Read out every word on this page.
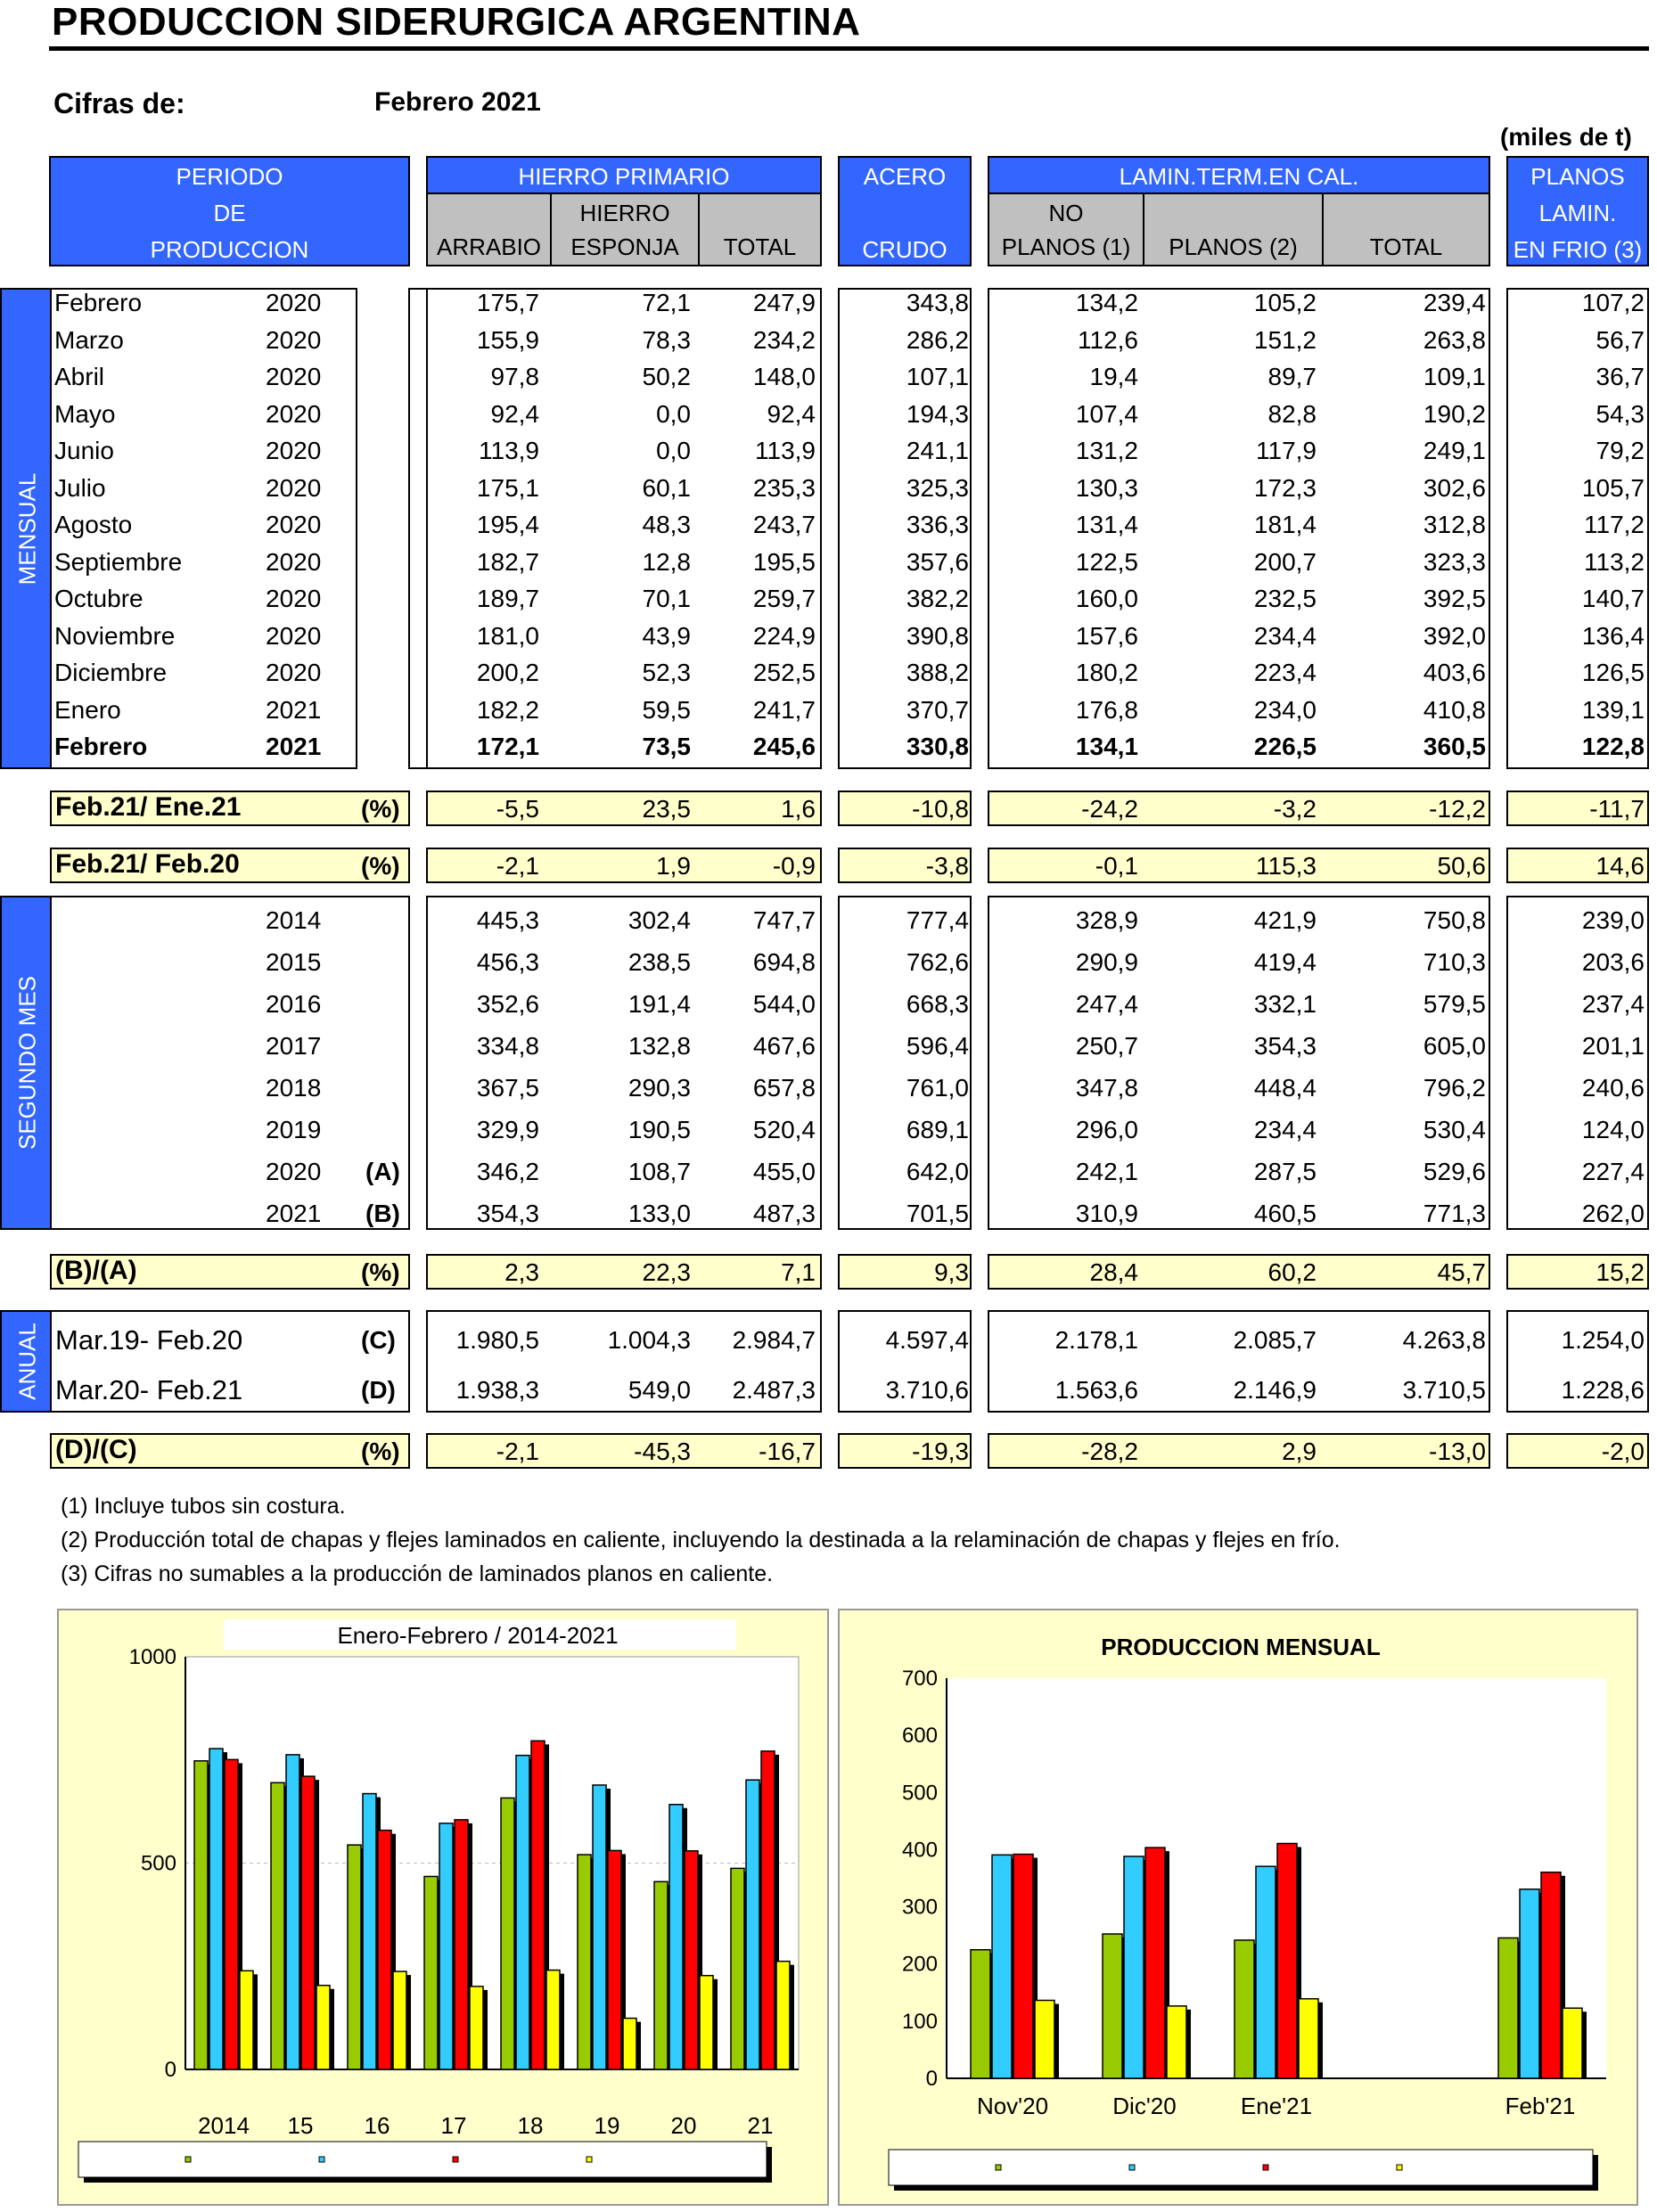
PRODUCCION SIDERURGICA ARGENTINA
Cifras de:	Febrero 2021
(miles de t)
PERIODO
DE
PRODUCCION
HIERRO PRIMARIO
ARRABIO
HIERRO
ESPONJA	TOTAL
ACERO
CRUDO
LAMIN.TERM.EN CAL.
NO
PLANOS (1)	PLANOS (2)	TOTAL
PLANOS
LAMIN.
EN FRIO (3)
MENSUAL
SEGUNDO MES
ANUAL
Febrero	2020	175,7	72,1	247,9	343,8	134,2	105,2	239,4	107,2
Marzo	2020	155,9	78,3	234,2	286,2	112,6	151,2	263,8	56,7
Abril	2020	97,8	50,2	148,0	107,1	19,4	89,7	109,1	36,7
Mayo	2020	92,4	0,0	92,4	194,3	107,4	82,8	190,2	54,3
Junio	2020	113,9	0,0	113,9	241,1	131,2	117,9	249,1	79,2
Julio	2020	175,1	60,1	235,3	325,3	130,3	172,3	302,6	105,7
Agosto	2020	195,4	48,3	243,7	336,3	131,4	181,4	312,8	117,2
Septiembre	2020	182,7	12,8	195,5	357,6	122,5	200,7	323,3	113,2
Octubre	2020	189,7	70,1	259,7	382,2	160,0	232,5	392,5	140,7
Noviembre	2020	181,0	43,9	224,9	390,8	157,6	234,4	392,0	136,4
Diciembre	2020	200,2	52,3	252,5	388,2	180,2	223,4	403,6	126,5
Enero	2021	182,2	59,5	241,7	370,7	176,8	234,0	410,8	139,1
Febrero	2021	172,1	73,5	245,6	330,8	134,1	226,5	360,5	122,8
Feb.21/ Ene.21	(%)	-5,5	23,5	1,6	-10,8	-24,2	-3,2	-12,2	-11,7
Feb.21/ Feb.20	(%)	-2,1	1,9	-0,9	-3,8	-0,1	115,3	50,6	14,6
2014	445,3	302,4	747,7	777,4	328,9	421,9	750,8	239,0
2015	456,3	238,5	694,8	762,6	290,9	419,4	710,3	203,6
2016	352,6	191,4	544,0	668,3	247,4	332,1	579,5	237,4
2017	334,8	132,8	467,6	596,4	250,7	354,3	605,0	201,1
2018	367,5	290,3	657,8	761,0	347,8	448,4	796,2	240,6
2019	329,9	190,5	520,4	689,1	296,0	234,4	530,4	124,0
2020 (A)	346,2	108,7	455,0	642,0	242,1	287,5	529,6	227,4
2021 (B)	354,3	133,0	487,3	701,5	310,9	460,5	771,3	262,0
(B)/(A)	(%)	2,3	22,3	7,1	9,3	28,4	60,2	45,7	15,2
Mar.19- Feb.20	(C)	1.980,5	1.004,3	2.984,7	4.597,4	2.178,1	2.085,7	4.263,8	1.254,0
Mar.20- Feb.21	(D)	1.938,3	549,0	2.487,3	3.710,6	1.563,6	2.146,9	3.710,5	1.228,6
(D)/(C)	(%)	-2,1	-45,3	-16,7	-19,3	-28,2	2,9	-13,0	-2,0
(1) Incluye tubos sin costura.
(2) Producción total de chapas y flejes laminados en caliente, incluyendo la destinada a la relaminación de chapas y flejes en frío.
(3) Cifras no sumables a la producción de laminados planos en caliente.
Enero-Febrero / 2014-2021
0
500
1000
2014 15 16 17 18 19 20 21
PRODUCCION MENSUAL
0
100
200
300
400
500
600
700
Nov'20	Dic'20	Ene'21	Feb'21
